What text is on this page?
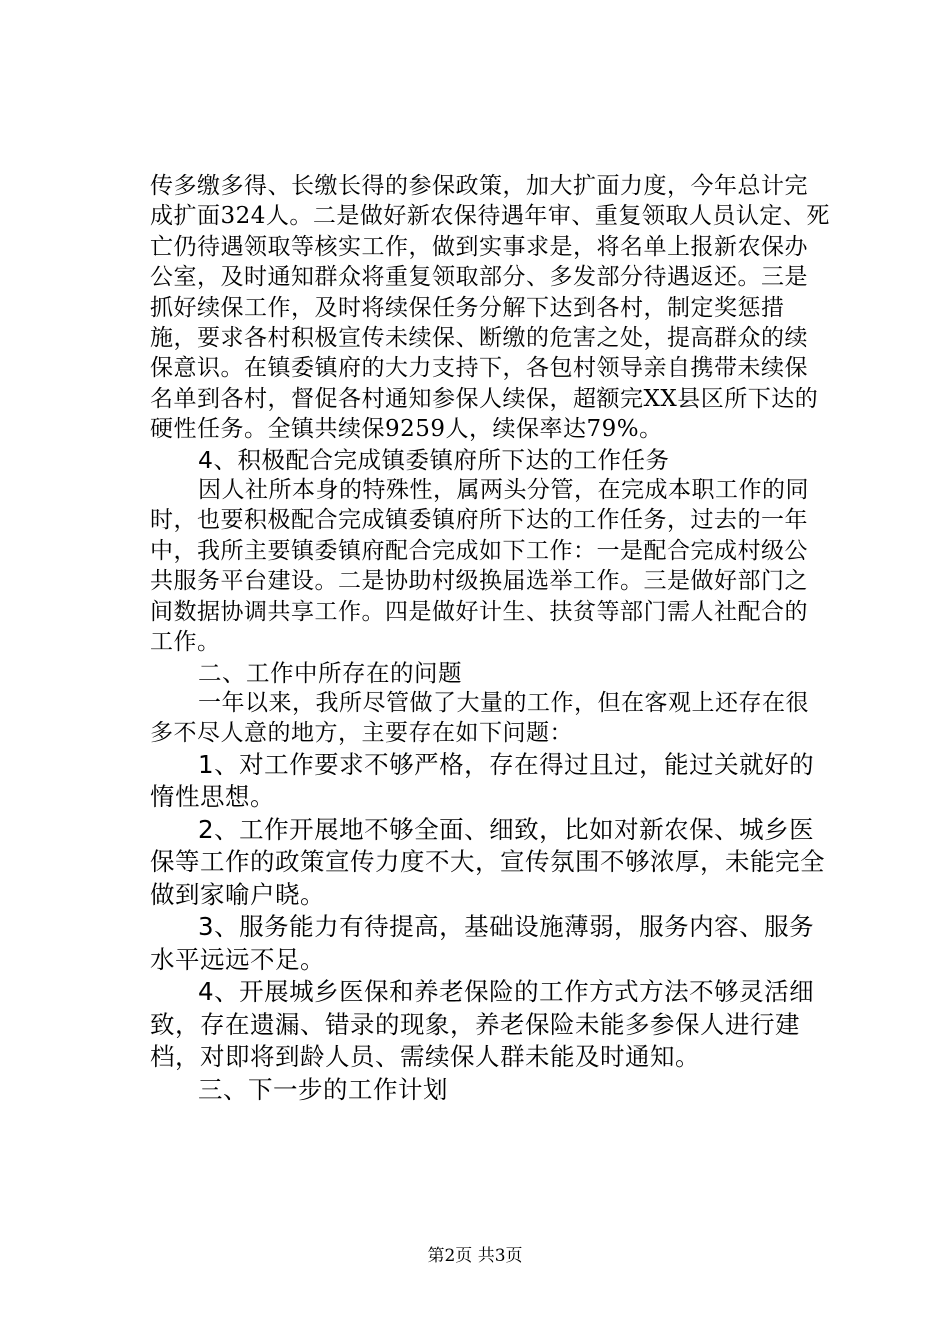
传多缴多得、长缴长得的参保政策，加大扩面力度，今年总计完成扩面324人。二是做好新农保待遇年审、重复领取人员认定、死亡仍待遇领取等核实工作，做到实事求是，将名单上报新农保办公室，及时通知群众将重复领取部分、多发部分待遇返还。三是抓好续保工作，及时将续保任务分解下达到各村，制定奖惩措施，要求各村积极宣传未续保、断缴的危害之处，提高群众的续保意识。在镇委镇府的大力支持下，各包村领导亲自携带未续保名单到各村，督促各村通知参保人续保，超额完XX县区所下达的硬性任务。全镇共续保9259人，续保率达79%。

4、积极配合完成镇委镇府所下达的工作任务

因人社所本身的特殊性，属两头分管，在完成本职工作的同时，也要积极配合完成镇委镇府所下达的工作任务，过去的一年中，我所主要镇委镇府配合完成如下工作：一是配合完成村级公共服务平台建设。二是协助村级换届选举工作。三是做好部门之间数据协调共享工作。四是做好计生、扶贫等部门需人社配合的工作。

二、工作中所存在的问题

一年以来，我所尽管做了大量的工作，但在客观上还存在很多不尽人意的地方，主要存在如下问题：

1、对工作要求不够严格，存在得过且过，能过关就好的惰性思想。

2、工作开展地不够全面、细致，比如对新农保、城乡医保等工作的政策宣传力度不大，宣传氛围不够浓厚，未能完全做到家喻户晓。

3、服务能力有待提高，基础设施薄弱，服务内容、服务水平远远不足。

4、开展城乡医保和养老保险的工作方式方法不够灵活细致，存在遗漏、错录的现象，养老保险未能多参保人进行建档，对即将到龄人员、需续保人群未能及时通知。

三、下一步的工作计划

第2页 共3页
